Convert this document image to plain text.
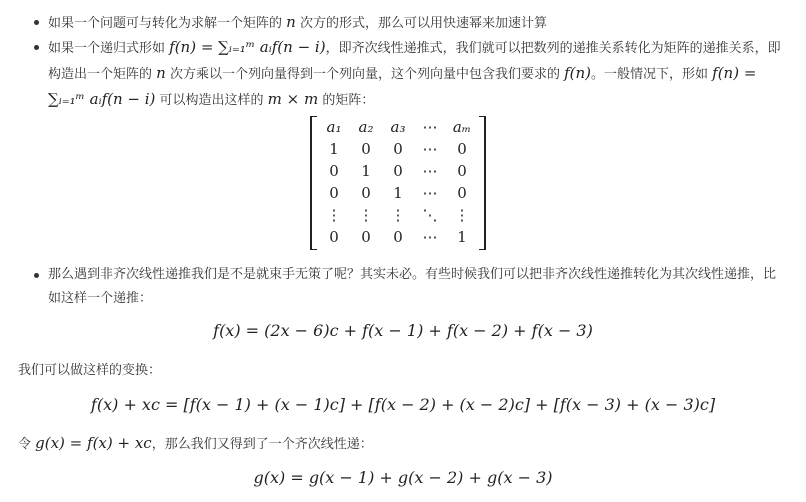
如果一个问题可与转化为求解一个矩阵的 n 次方的形式，那么可以用快速幂来加速计算
如果一个递归式形如 f(n) = ∑ᵢ₌₁ᵐ aᵢf(n − i)，即齐次线性递推式，我们就可以把数列的递推关系转化为矩阵的递推关系，即构造出一个矩阵的 n 次方乘以一个列向量得到一个列向量，这个列向量中包含我们要求的 f(n)。一般情况下，形如 f(n) = ∑ᵢ₌₁ᵐ aᵢf(n − i) 可以构造出这样的 m × m 的矩阵：
a₁	a₂	a₃	⋯	aₘ
1	0	0	⋯	0
0	1	0	⋯	0
0	0	1	⋯	0
⋮	⋮	⋮	⋱	⋮
0	0	0	⋯	1
那么遇到非齐次线性递推我们是不是就束手无策了呢？其实未必。有些时候我们可以把非齐次线性递推转化为其次线性递推，比如这样一个递推：
f(x) = (2x − 6)c + f(x − 1) + f(x − 2) + f(x − 3)
我们可以做这样的变换：
f(x) + xc = [f(x − 1) + (x − 1)c] + [f(x − 2) + (x − 2)c] + [f(x − 3) + (x − 3)c]
令 g(x) = f(x) + xc，那么我们又得到了一个齐次线性递：
g(x) = g(x − 1) + g(x − 2) + g(x − 3)
